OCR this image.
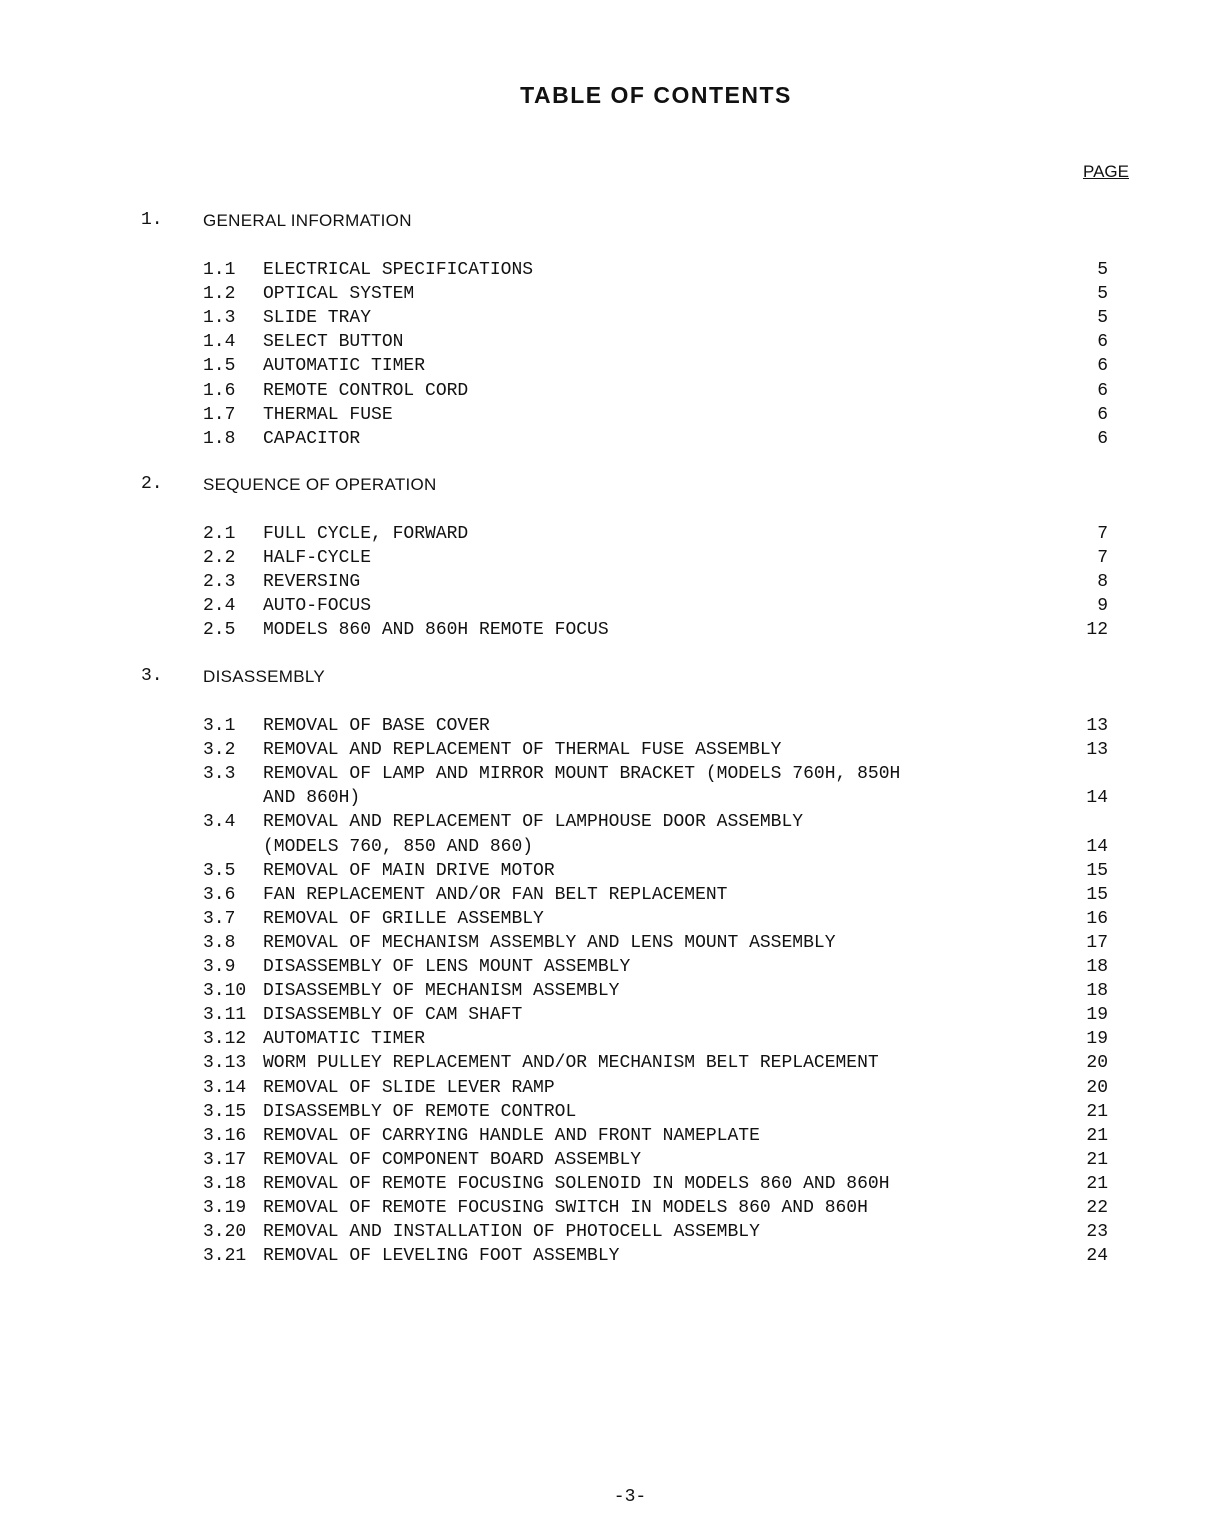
TABLE OF CONTENTS
PAGE
1. GENERAL INFORMATION
1.1 ELECTRICAL SPECIFICATIONS	5
1.2 OPTICAL SYSTEM	5
1.3 SLIDE TRAY	5
1.4 SELECT BUTTON	6
1.5 AUTOMATIC TIMER	6
1.6 REMOTE CONTROL CORD	6
1.7 THERMAL FUSE	6
1.8 CAPACITOR	6
2. SEQUENCE OF OPERATION
2.1 FULL CYCLE, FORWARD	7
2.2 HALF-CYCLE	7
2.3 REVERSING	8
2.4 AUTO-FOCUS	9
2.5 MODELS 860 AND 860H REMOTE FOCUS	12
3. DISASSEMBLY
3.1 REMOVAL OF BASE COVER	13
3.2 REMOVAL AND REPLACEMENT OF THERMAL FUSE ASSEMBLY	13
3.3 REMOVAL OF LAMP AND MIRROR MOUNT BRACKET (MODELS 760H, 850H
AND 860H)	14
3.4 REMOVAL AND REPLACEMENT OF LAMPHOUSE DOOR ASSEMBLY
(MODELS 760, 850 AND 860)	14
3.5 REMOVAL OF MAIN DRIVE MOTOR	15
3.6 FAN REPLACEMENT AND/OR FAN BELT REPLACEMENT	15
3.7 REMOVAL OF GRILLE ASSEMBLY	16
3.8 REMOVAL OF MECHANISM ASSEMBLY AND LENS MOUNT ASSEMBLY	17
3.9 DISASSEMBLY OF LENS MOUNT ASSEMBLY	18
3.10 DISASSEMBLY OF MECHANISM ASSEMBLY	18
3.11 DISASSEMBLY OF CAM SHAFT	19
3.12 AUTOMATIC TIMER	19
3.13 WORM PULLEY REPLACEMENT AND/OR MECHANISM BELT REPLACEMENT	20
3.14 REMOVAL OF SLIDE LEVER RAMP	20
3.15 DISASSEMBLY OF REMOTE CONTROL	21
3.16 REMOVAL OF CARRYING HANDLE AND FRONT NAMEPLATE	21
3.17 REMOVAL OF COMPONENT BOARD ASSEMBLY	21
3.18 REMOVAL OF REMOTE FOCUSING SOLENOID IN MODELS 860 AND 860H	21
3.19 REMOVAL OF REMOTE FOCUSING SWITCH IN MODELS 860 AND 860H	22
3.20 REMOVAL AND INSTALLATION OF PHOTOCELL ASSEMBLY	23
3.21 REMOVAL OF LEVELING FOOT ASSEMBLY	24
-3-
